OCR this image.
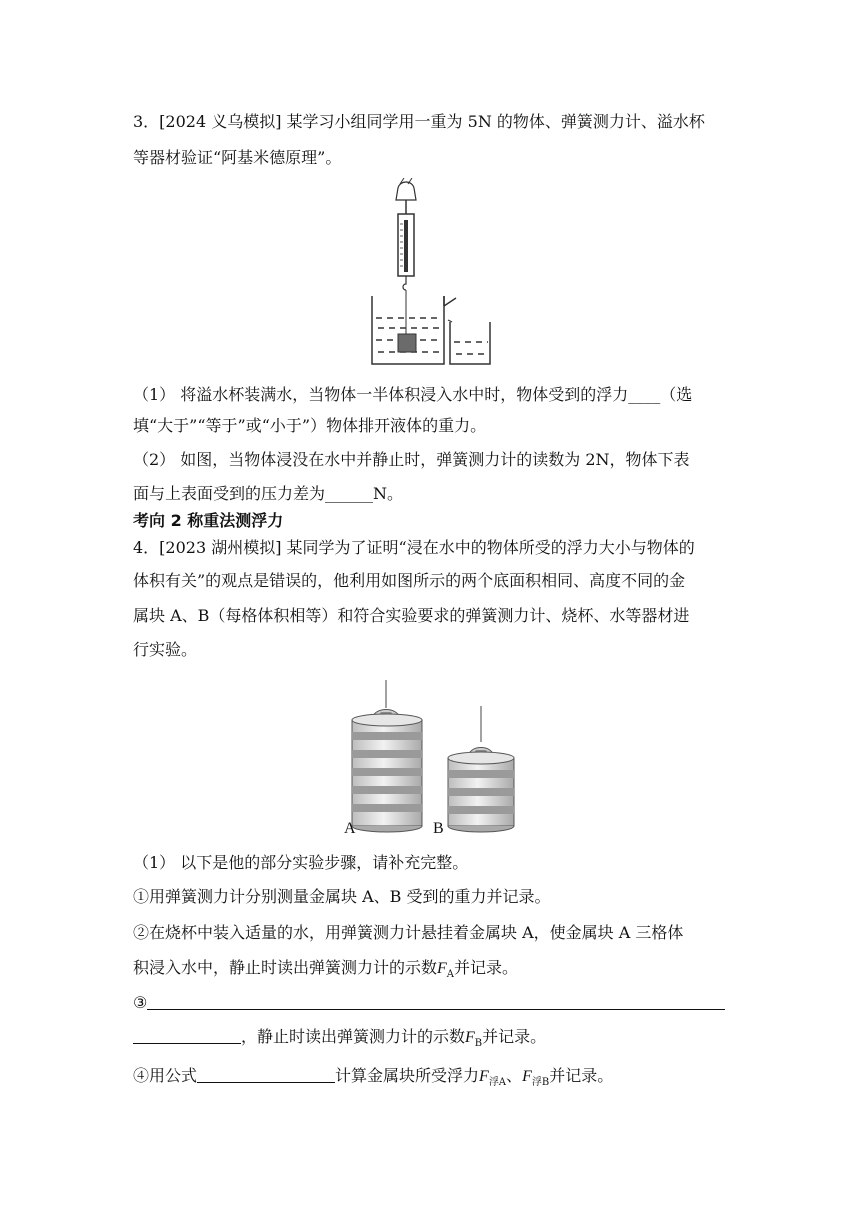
3．[2024 义乌模拟] 某学习小组同学用一重为 5N 的物体、弹簧测力计、溢水杯
等器材验证“阿基米德原理”。
（1） 将溢水杯装满水，当物体一半体积浸入水中时，物体受到的浮力____（选
填“大于”“等于”或“小于”）物体排开液体的重力。
（2） 如图，当物体浸没在水中并静止时，弹簧测力计的读数为 2N，物体下表
面与上表面受到的压力差为______N。
考向 2 称重法测浮力
4．[2023 湖州模拟] 某同学为了证明“浸在水中的物体所受的浮力大小与物体的
体积有关”的观点是错误的，他利用如图所示的两个底面积相同、高度不同的金
属块 A、B（每格体积相等）和符合实验要求的弹簧测力计、烧杯、水等器材进
行实验。
A	B
（1） 以下是他的部分实验步骤，请补充完整。
①用弹簧测力计分别测量金属块 A、B 受到的重力并记录。
②在烧杯中装入适量的水，用弹簧测力计悬挂着金属块 A，使金属块 A 三格体
积浸入水中，静止时读出弹簧测力计的示数$F_A$并记录。
③
，静止时读出弹簧测力计的示数$F_B$并记录。
④用公式	计算金属块所受浮力$F_{浮A}$、$F_{浮B}$并记录。
